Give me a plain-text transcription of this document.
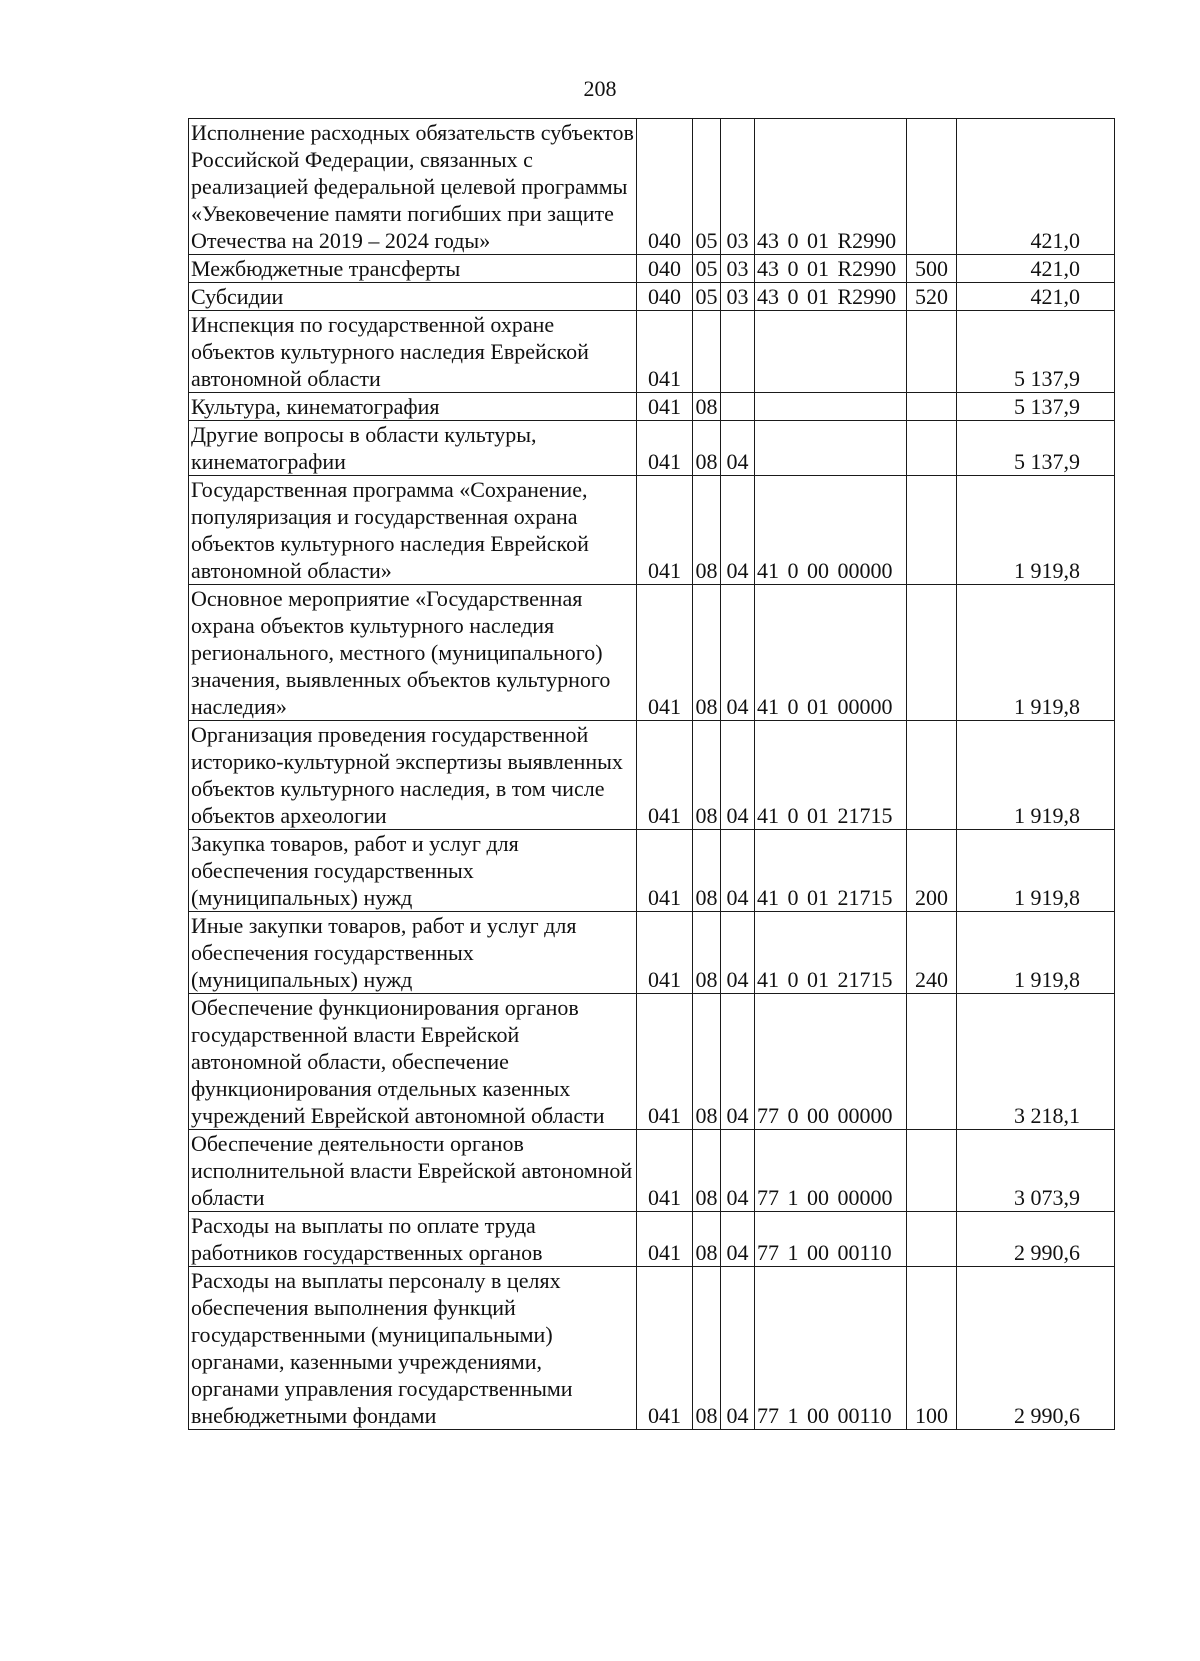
208
Исполнение расходных обязательств субъектов Российской Федерации, связанных с реализацией федеральной целевой программы «Увековечение памяти погибших при защите Отечества на 2019 – 2024 годы»	040	05	03	43 0 01 R2990		421,0
Межбюджетные трансферты	040	05	03	43 0 01 R2990	500	421,0
Субсидии	040	05	03	43 0 01 R2990	520	421,0
Инспекция по государственной охране объектов культурного наследия Еврейской автономной области	041					5 137,9
Культура, кинематография	041	08				5 137,9
Другие вопросы в области культуры, кинематографии	041	08	04			5 137,9
Государственная программа «Сохранение, популяризация и государственная охрана объектов культурного наследия Еврейской автономной области»	041	08	04	41 0 00 00000		1 919,8
Основное мероприятие «Государственная охрана объектов культурного наследия регионального, местного (муниципального) значения, выявленных объектов культурного наследия»	041	08	04	41 0 01 00000		1 919,8
Организация проведения государственной историко-культурной экспертизы выявленных объектов культурного наследия, в том числе объектов археологии	041	08	04	41 0 01 21715		1 919,8
Закупка товаров, работ и услуг для обеспечения государственных (муниципальных) нужд	041	08	04	41 0 01 21715	200	1 919,8
Иные закупки товаров, работ и услуг для обеспечения государственных (муниципальных) нужд	041	08	04	41 0 01 21715	240	1 919,8
Обеспечение функционирования органов государственной власти Еврейской автономной области, обеспечение функционирования отдельных казенных учреждений Еврейской автономной области	041	08	04	77 0 00 00000		3 218,1
Обеспечение деятельности органов исполнительной власти Еврейской автономной области	041	08	04	77 1 00 00000		3 073,9
Расходы на выплаты по оплате труда работников государственных органов	041	08	04	77 1 00 00110		2 990,6
Расходы на выплаты персоналу в целях обеспечения выполнения функций государственными (муниципальными) органами, казенными учреждениями, органами управления государственными внебюджетными фондами	041	08	04	77 1 00 00110	100	2 990,6
